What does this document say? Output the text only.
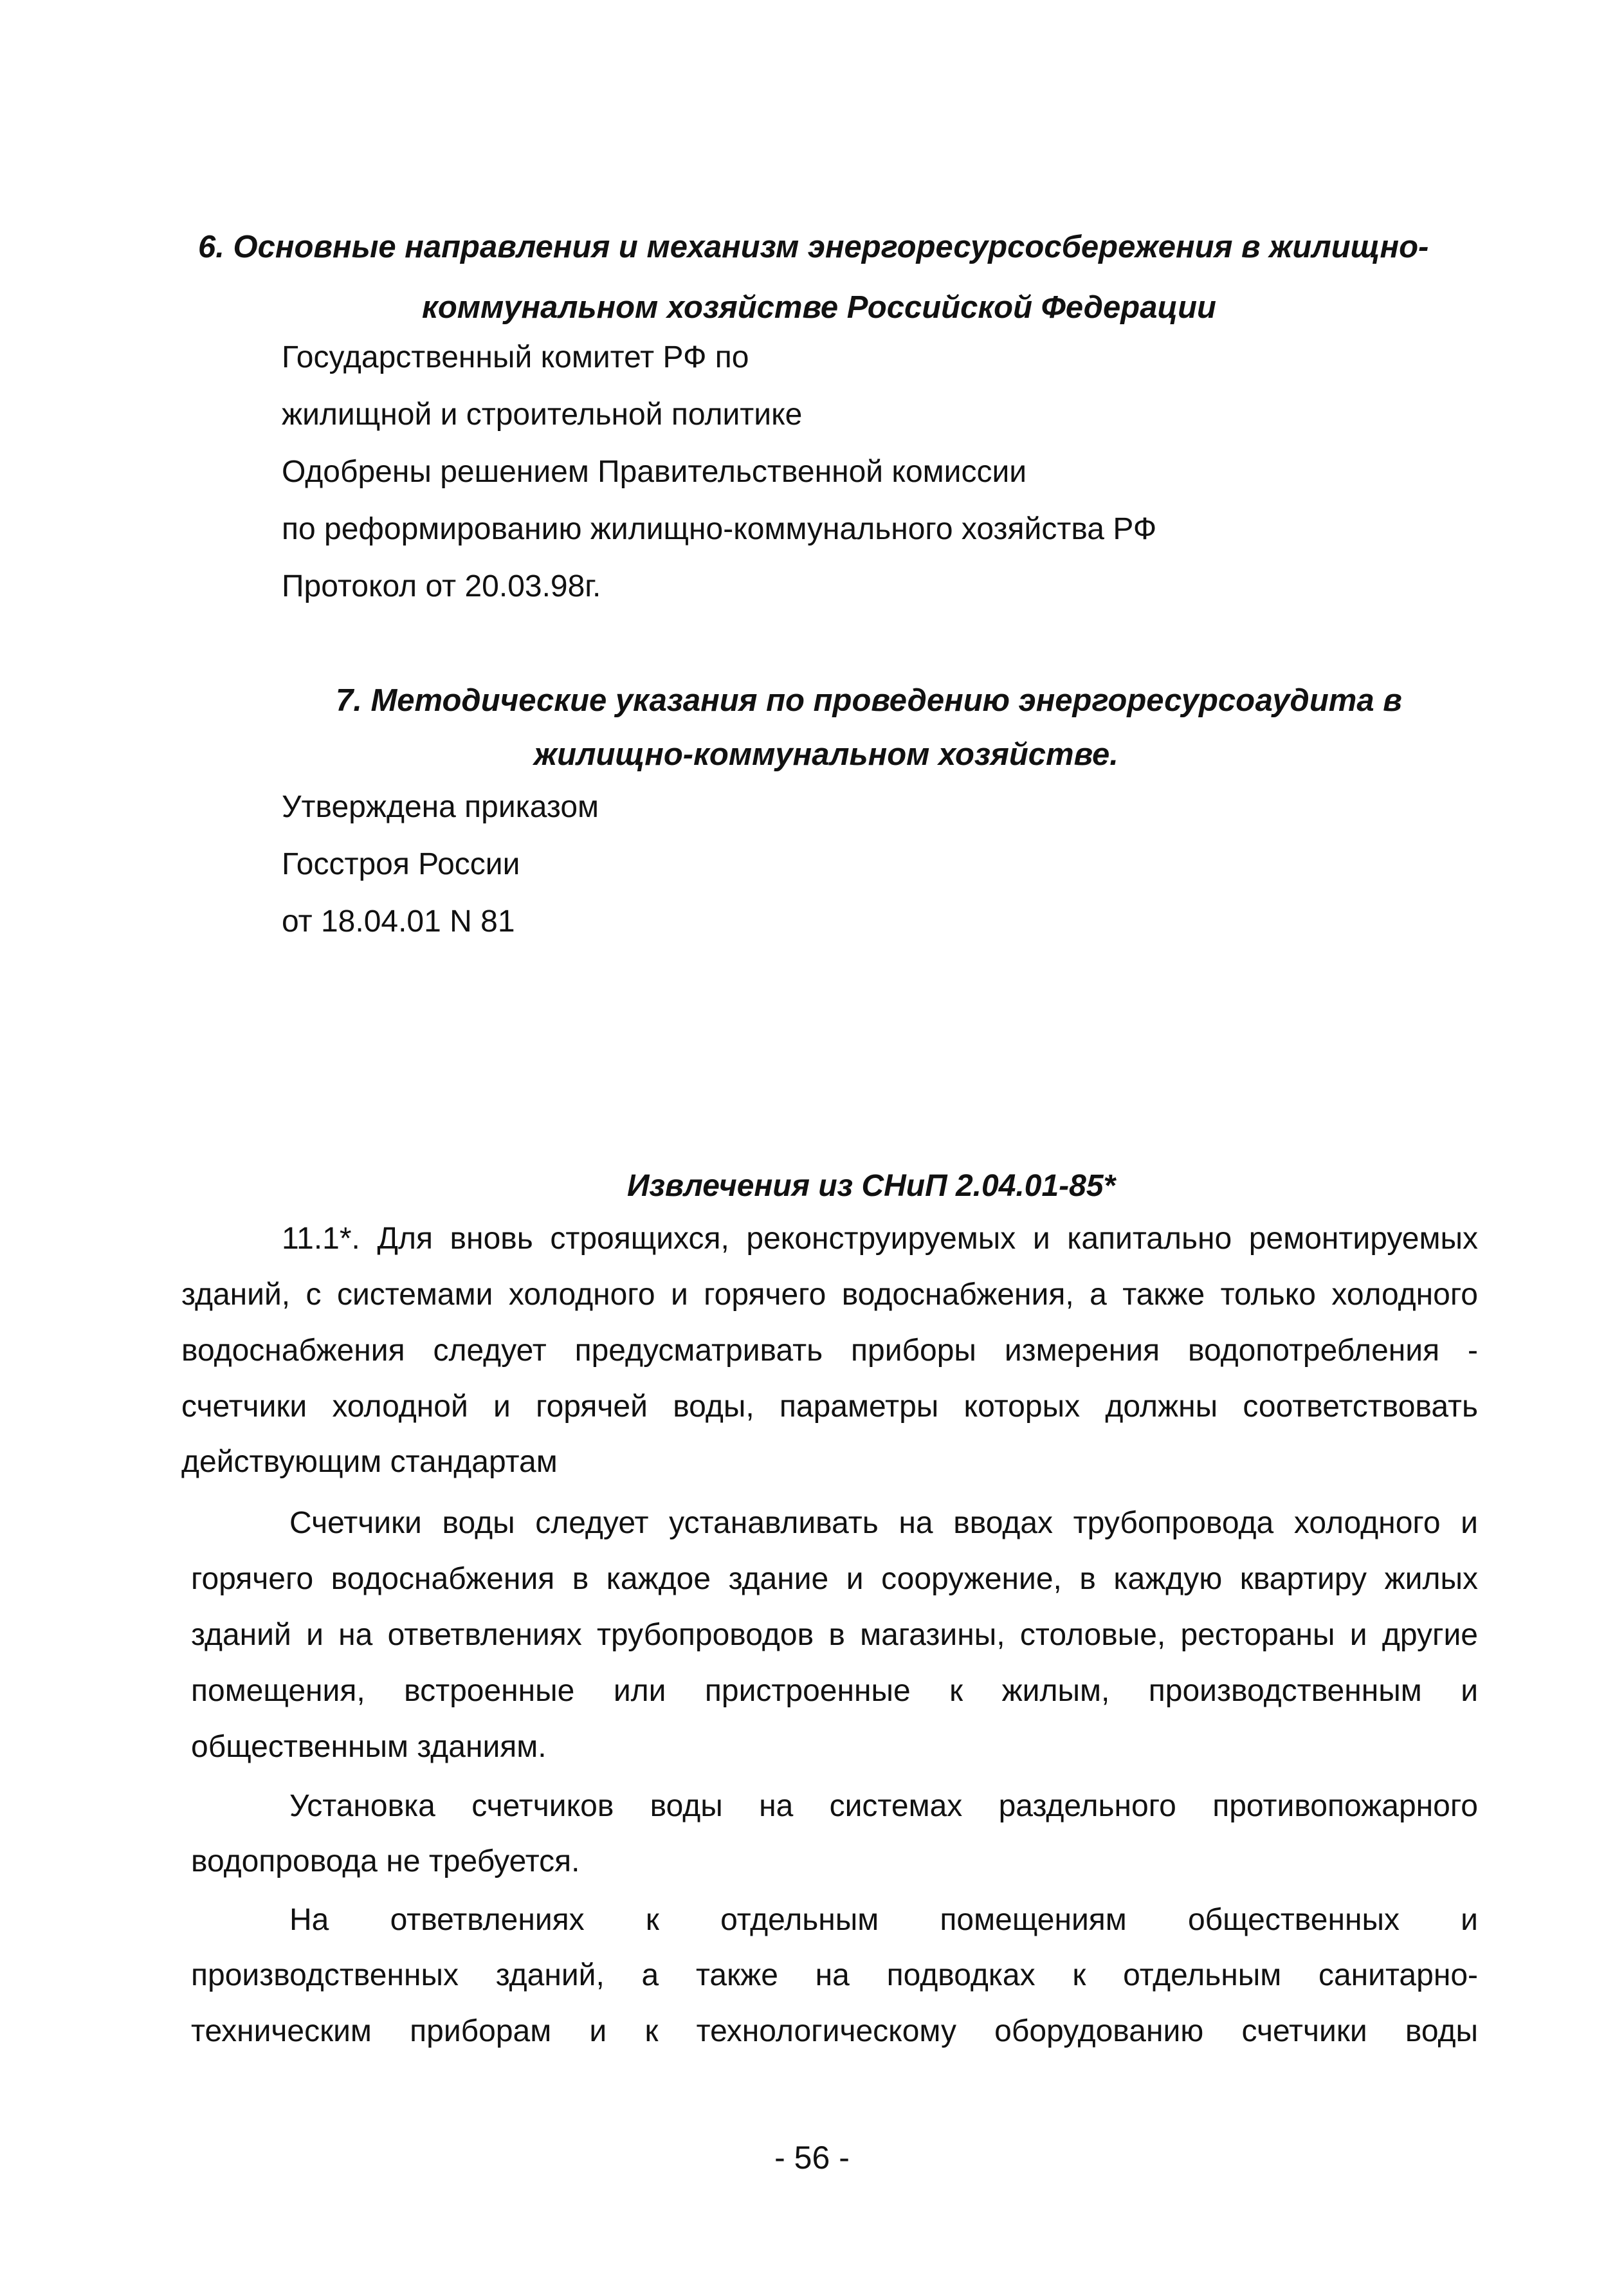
6. Основные направления и механизм энергоресурсосбережения в жилищно-
коммунальном хозяйстве Российской Федерации
Государственный комитет РФ по
жилищной и строительной политике
Одобрены решением Правительственной комиссии
по реформированию жилищно-коммунального хозяйства РФ
Протокол от 20.03.98г.
7. Методические указания по проведению энергоресурсоаудита в
жилищно-коммунальном хозяйстве.
Утверждена приказом
Госстроя России
от 18.04.01 N 81
Извлечения из СНиП 2.04.01-85*
11.1*. Для вновь строящихся, реконструируемых и капитально ремонтируемых
зданий, с системами холодного и горячего водоснабжения, а также только холодного
водоснабжения следует предусматривать приборы измерения водопотребления -
счетчики холодной и горячей воды, параметры которых должны соответствовать
действующим стандартам
Счетчики воды следует устанавливать на вводах трубопровода холодного и
горячего водоснабжения в каждое здание и сооружение, в каждую квартиру жилых
зданий и на ответвлениях трубопроводов в магазины, столовые, рестораны и другие
помещения, встроенные или пристроенные к жилым, производственным и
общественным зданиям.
Установка счетчиков воды на системах раздельного противопожарного
водопровода не требуется.
На ответвлениях к отдельным помещениям общественных и
производственных зданий, а также на подводках к отдельным санитарно-
техническим приборам и к технологическому оборудованию счетчики воды
- 56 -
